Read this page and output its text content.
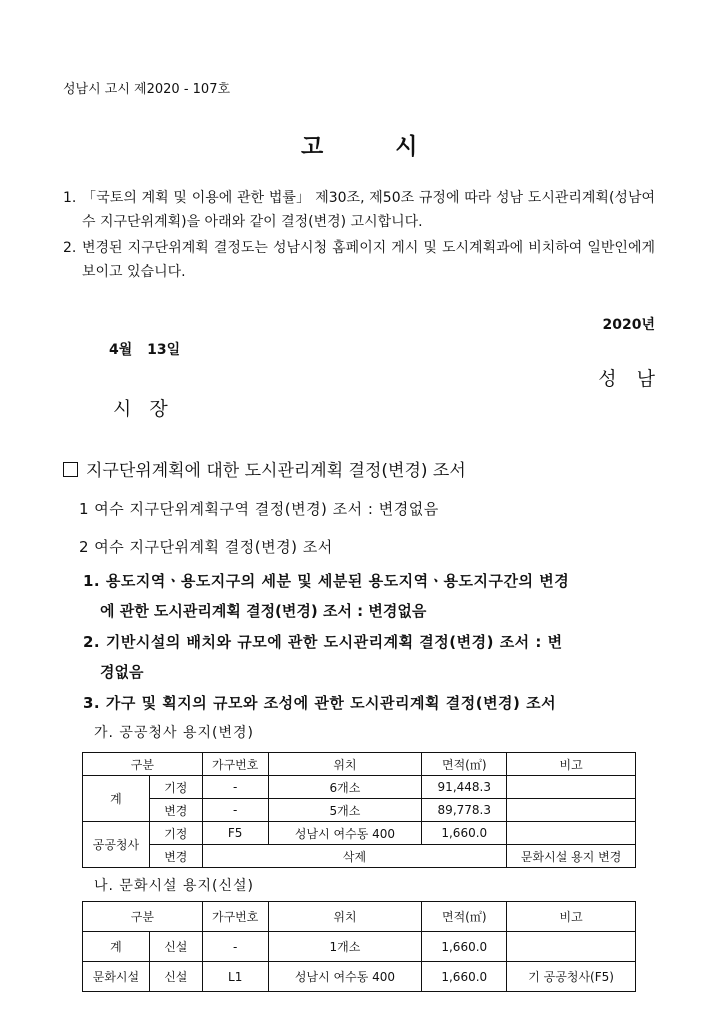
성남시 고시 제2020 - 107호
고	시
1. 「국토의 계획 및 이용에 관한 법률」 제30조, 제50조 규정에 따라 성남 도시관리계획(성남여수 지구단위계획)을 아래와 같이 결정(변경) 고시합니다.
2. 변경된 지구단위계획 결정도는 성남시청 홈페이지 게시 및 도시계획과에 비치하여 일반인에게 보이고 있습니다.
2020년
4월 13일
성남
시장
지구단위계획에 대한 도시관리계획 결정(변경) 조서
1 여수 지구단위계획구역 결정(변경) 조서 : 변경없음
2 여수 지구단위계획 결정(변경) 조서
1. 용도지역ㆍ용도지구의 세분 및 세분된 용도지역ㆍ용도지구간의 변경
에 관한 도시관리계획 결정(변경) 조서 : 변경없음
2. 기반시설의 배치와 규모에 관한 도시관리계획 결정(변경) 조서 : 변
경없음
3. 가구 및 획지의 규모와 조성에 관한 도시관리계획 결정(변경) 조서
가. 공공청사 용지(변경)
구분		가구번호	위치	면적(㎡)	비고
계	기정	-	6개소	91,448.3	
	변경	-	5개소	89,778.3	
공공청사	기정	F5	성남시 여수동 400	1,660.0	
	변경	삭제			문화시설 용지 변경
나. 문화시설 용지(신설)
구분		가구번호	위치	면적(㎡)	비고
계	신설	-	1개소	1,660.0	
문화시설	신설	L1	성남시 여수동 400	1,660.0	기 공공청사(F5)
